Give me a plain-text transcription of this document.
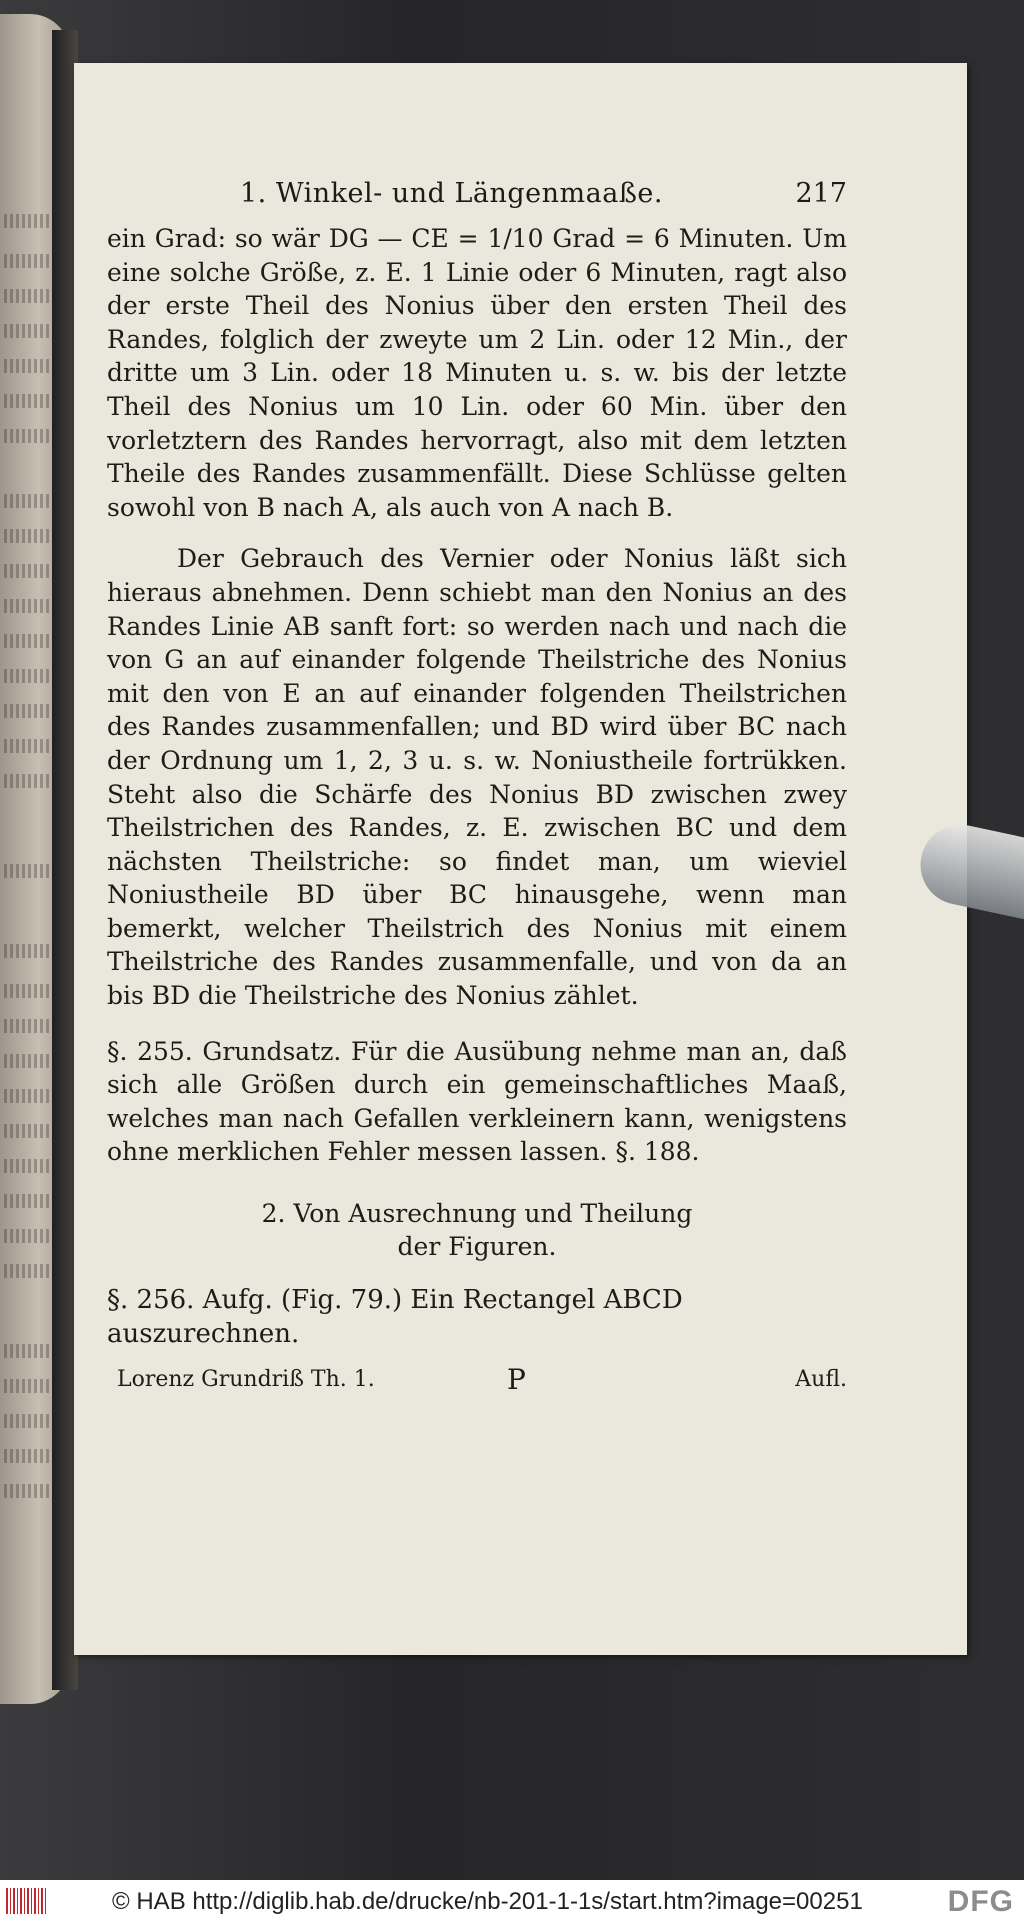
1. Winkel- und Längenmaaße.	217

ein Grad: so wär DG — CE = 1/10 Grad = 6 Minuten. Um eine solche Größe, z. E. 1 Linie oder 6 Minuten, ragt also der erste Theil des Nonius über den ersten Theil des Randes, folglich der zweyte um 2 Lin. oder 12 Min., der dritte um 3 Lin. oder 18 Minuten u. s. w. bis der letzte Theil des Nonius um 10 Lin. oder 60 Min. über den vorletztern des Randes hervorragt, also mit dem letzten Theile des Randes zusammenfällt. Diese Schlüsse gelten sowohl von B nach A, als auch von A nach B.

Der Gebrauch des Vernier oder Nonius läßt sich hieraus abnehmen. Denn schiebt man den Nonius an des Randes Linie AB sanft fort: so werden nach und nach die von G an auf einander folgende Theilstriche des Nonius mit den von E an auf einander folgenden Theilstrichen des Randes zusammenfallen; und BD wird über BC nach der Ordnung um 1, 2, 3 u. s. w. Noniustheile fortrükken. Steht also die Schärfe des Nonius BD zwischen zwey Theilstrichen des Randes, z. E. zwischen BC und dem nächsten Theilstriche: so findet man, um wieviel Noniustheile BD über BC hinausgehe, wenn man bemerkt, welcher Theilstrich des Nonius mit einem Theilstriche des Randes zusammenfalle, und von da an bis BD die Theilstriche des Nonius zählet.

§. 255. Grundsatz. Für die Ausübung nehme man an, daß sich alle Größen durch ein gemeinschaftliches Maaß, welches man nach Gefallen verkleinern kann, wenigstens ohne merklichen Fehler messen lassen. §. 188.

2. Von Ausrechnung und Theilung
der Figuren.
§. 256. Aufg. (Fig. 79.) Ein Rectangel ABCD auszurechnen.
Lorenz Grundriß Th. 1.	P	Aufl.
© HAB http://diglib.hab.de/drucke/nb-201-1-1s/start.htm?image=00251	DFG
